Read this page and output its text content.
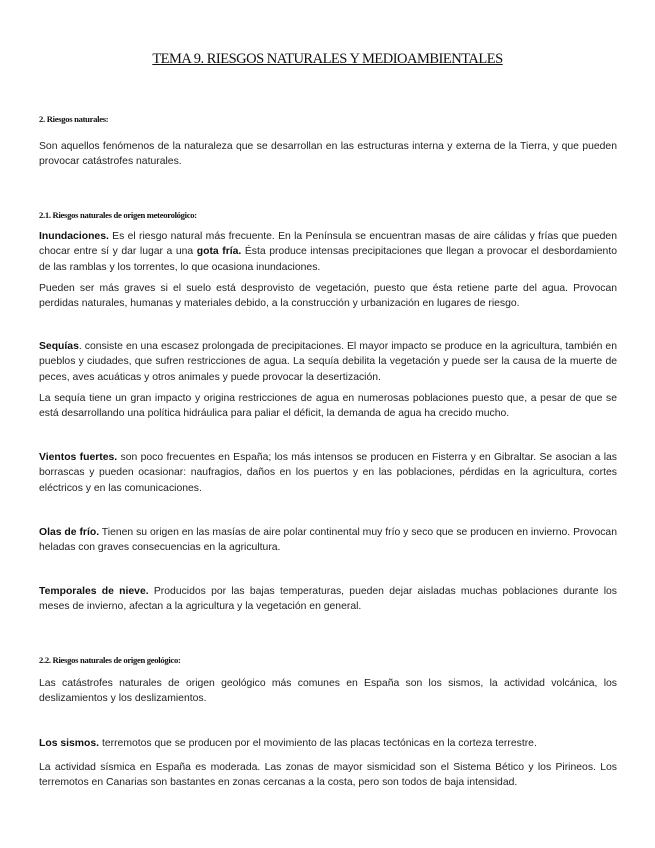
TEMA 9. RIESGOS NATURALES Y MEDIOAMBIENTALES
2. Riesgos naturales:

Son aquellos fenómenos de la naturaleza que se desarrollan en las estructuras interna y externa de la Tierra, y que pueden provocar catástrofes naturales.

2.1. Riesgos naturales de origen meteorológico:

Inundaciones. Es el riesgo natural más frecuente. En la Península se encuentran masas de aire cálidas y frías que pueden chocar entre sí y dar lugar a una gota fría. Ésta produce intensas precipitaciones que llegan a provocar el desbordamiento de las ramblas y los torrentes, lo que ocasiona inundaciones.

Pueden ser más graves si el suelo está desprovisto de vegetación, puesto que ésta retiene parte del agua. Provocan perdidas naturales, humanas y materiales debido, a la construcción y urbanización en lugares de riesgo.

Sequías. consiste en una escasez prolongada de precipitaciones. El mayor impacto se produce en la agricultura, también en pueblos y ciudades, que sufren restricciones de agua. La sequía debilita la vegetación y puede ser la causa de la muerte de peces, aves acuáticas y otros animales y puede provocar la desertización.

La sequía tiene un gran impacto y origina restricciones de agua en numerosas poblaciones puesto que, a pesar de que se está desarrollando una política hidráulica para paliar el déficit, la demanda de agua ha crecido mucho.

Vientos fuertes. son poco frecuentes en España; los más intensos se producen en Fisterra y en Gibraltar. Se asocian a las borrascas y pueden ocasionar: naufragios, daños en los puertos y en las poblaciones, pérdidas en la agricultura, cortes eléctricos y en las comunicaciones.

Olas de frío. Tienen su origen en las masías de aire polar continental muy frío y seco que se producen en invierno. Provocan heladas con graves consecuencias en la agricultura.

Temporales de nieve. Producidos por las bajas temperaturas, pueden dejar aisladas muchas poblaciones durante los meses de invierno, afectan a la agricultura y la vegetación en general.

2.2. Riesgos naturales de origen geológico:

Las catástrofes naturales de origen geológico más comunes en España son los sismos, la actividad volcánica, los deslizamientos y los deslizamientos.

Los sismos. terremotos que se producen por el movimiento de las placas tectónicas en la corteza terrestre.

La actividad sísmica en España es moderada. Las zonas de mayor sismicidad son el Sistema Bético y los Pirineos. Los terremotos en Canarias son bastantes en zonas cercanas a la costa, pero son todos de baja intensidad.
